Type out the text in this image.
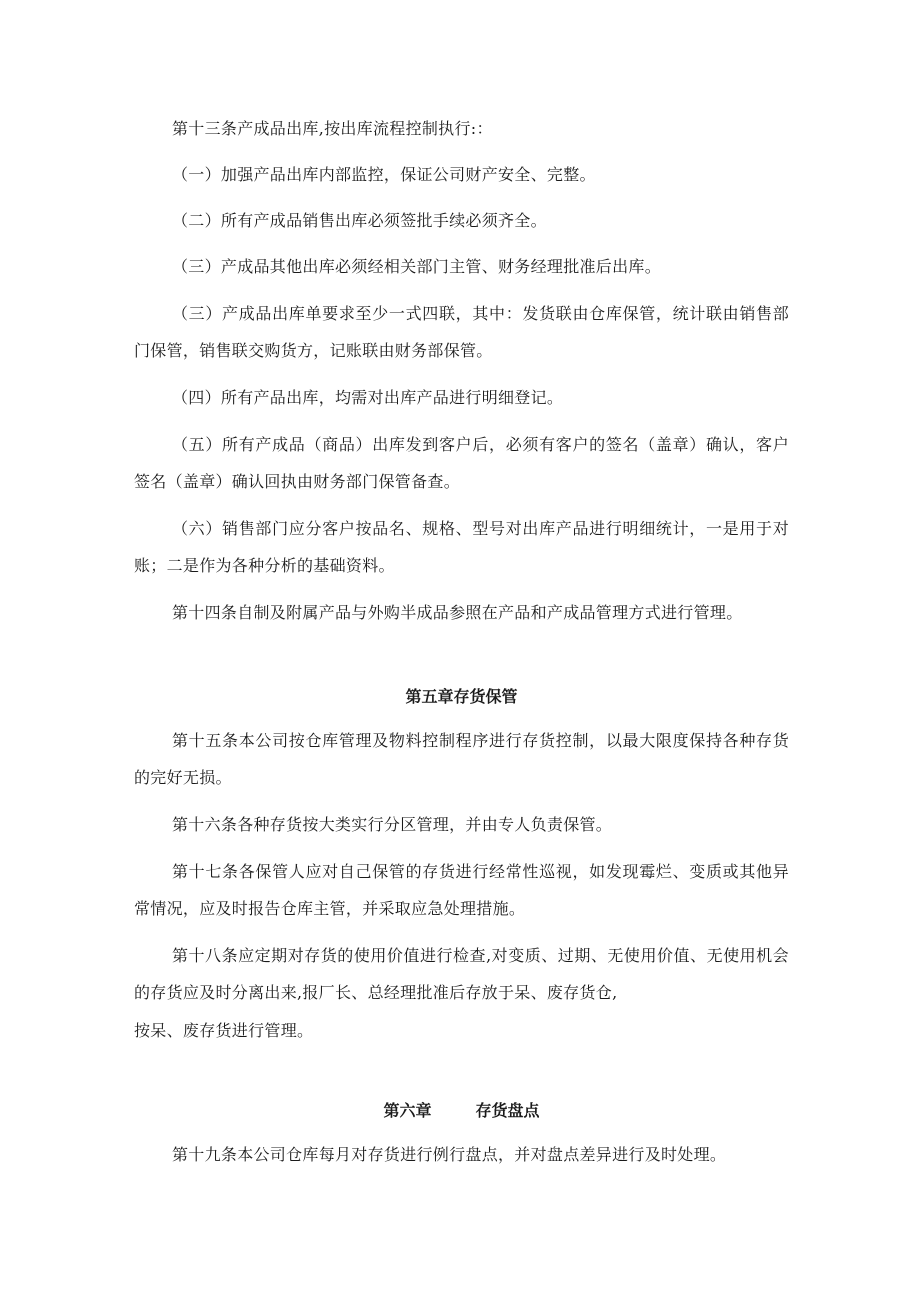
第十三条产成品出库,按出库流程控制执行:：

（一）加强产品出库内部监控，保证公司财产安全、完整。

（二）所有产成品销售出库必须签批手续必须齐全。

（三）产成品其他出库必须经相关部门主管、财务经理批准后出库。

（三）产成品出库单要求至少一式四联，其中：发货联由仓库保管，统计联由销售部门保管，销售联交购货方，记账联由财务部保管。

（四）所有产品出库，均需对出库产品进行明细登记。

（五）所有产成品（商品）出库发到客户后，必须有客户的签名（盖章）确认，客户签名（盖章）确认回执由财务部门保管备查。

（六）销售部门应分客户按品名、规格、型号对出库产品进行明细统计，一是用于对账；二是作为各种分析的基础资料。

第十四条自制及附属产品与外购半成品参照在产品和产成品管理方式进行管理。

第五章存货保管

第十五条本公司按仓库管理及物料控制程序进行存货控制，以最大限度保持各种存货的完好无损。

第十六条各种存货按大类实行分区管理，并由专人负责保管。

第十七条各保管人应对自己保管的存货进行经常性巡视，如发现霉烂、变质或其他异常情况，应及时报告仓库主管，并采取应急处理措施。

第十八条应定期对存货的使用价值进行检查,对变质、过期、无使用价值、无使用机会的存货应及时分离出来,报厂长、总经理批准后存放于呆、废存货仓,

按呆、废存货进行管理。

第六章	存货盘点

第十九条本公司仓库每月对存货进行例行盘点，并对盘点差异进行及时处理。
